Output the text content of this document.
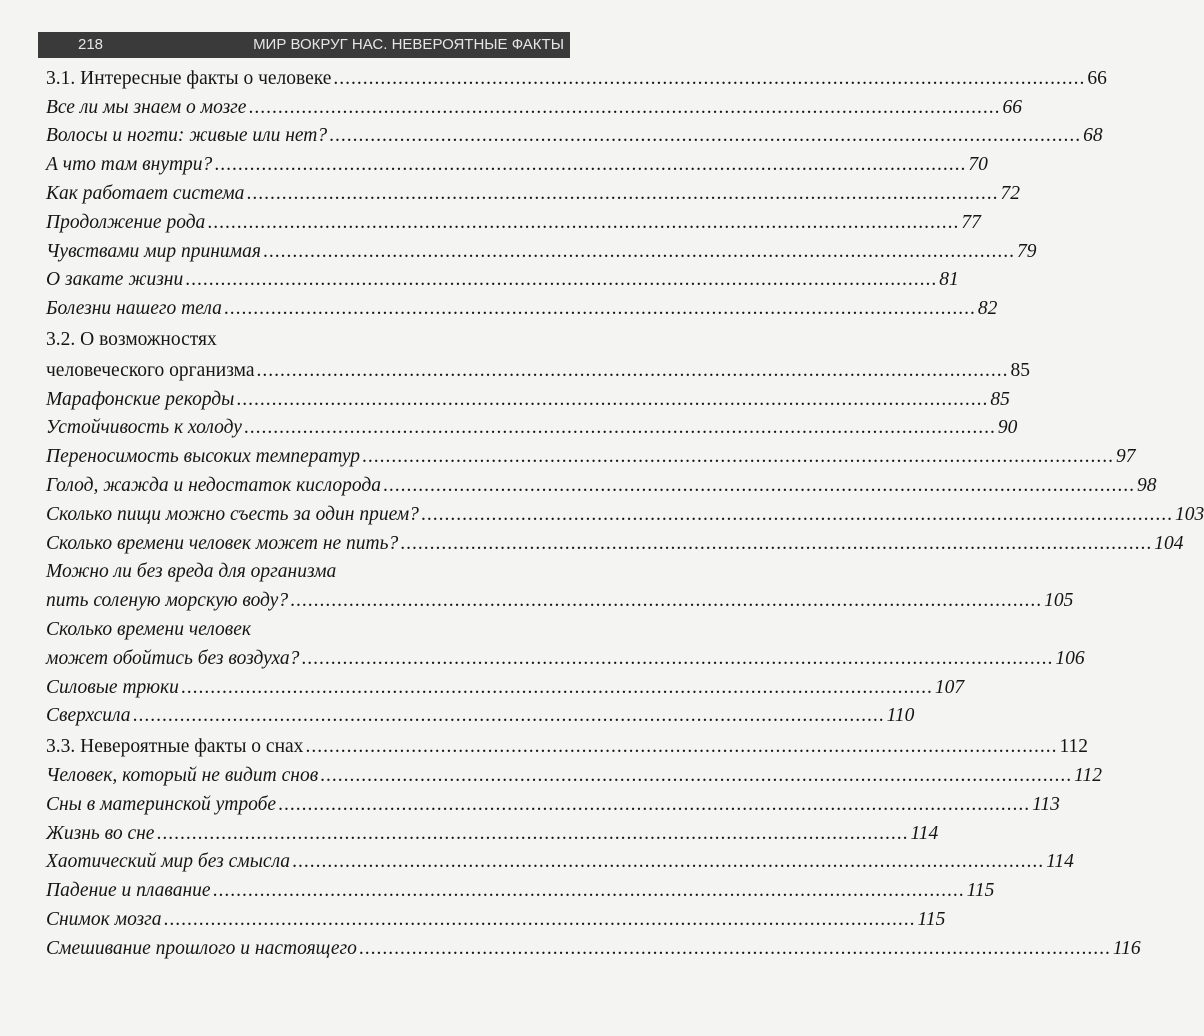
218	МИР ВОКРУГ НАС. НЕВЕРОЯТНЫЕ ФАКТЫ
3.1. Интересные факты о человеке .....	66
Все ли мы знаем о мозге .....	66
Волосы и ногти: живые или нет? .....	68
А что там внутри? .....	70
Как работает система .....	72
Продолжение рода .....	77
Чувствами мир принимая .....	79
О закате жизни .....	81
Болезни нашего тела .....	82
3.2. О возможностях
человеческого организма .....	85
Марафонские рекорды .....	85
Устойчивость к холоду .....	90
Переносимость высоких температур .....	97
Голод, жажда и недостаток кислорода .....	98
Сколько пищи можно съесть за один прием? .....	103
Сколько времени человек может не пить? .....	104
Можно ли без вреда для организма
пить соленую морскую воду? .....	105
Сколько времени человек
может обойтись без воздуха? .....	106
Силовые трюки .....	107
Сверхсила .....	110
3.3. Невероятные факты о снах .....	112
Человек, который не видит снов .....	112
Сны в материнской утробе .....	113
Жизнь во сне .....	114
Хаотический мир без смысла .....	114
Падение и плавание .....	115
Снимок мозга .....	115
Смешивание прошлого и настоящего .....	116
